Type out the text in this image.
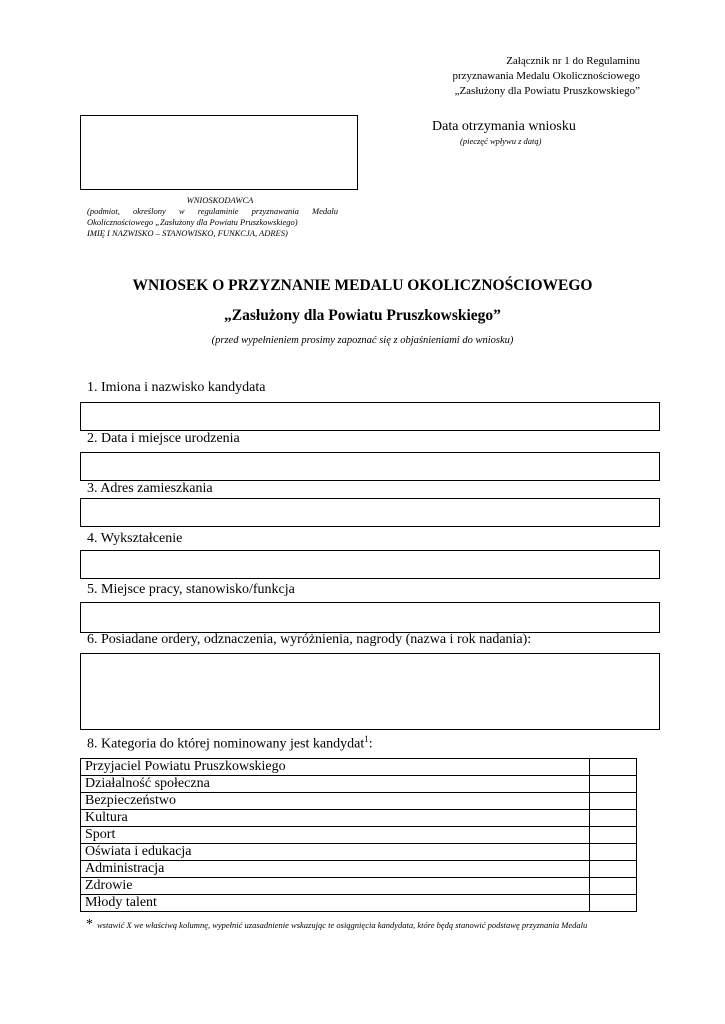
Załącznik nr 1 do Regulaminu
przyznawania Medalu Okolicznościowego
„Zasłużony dla Powiatu Pruszkowskiego”
Data otrzymania wniosku
(pieczęć wpływu z datą)
WNIOSKODAWCA
(podmiot, określony w regulaminie przyznawania Medalu
Okolicznościowego „Zasłużony dla Powiatu Pruszkowskiego)
IMIĘ I NAZWISKO – STANOWISKO, FUNKCJA, ADRES)
WNIOSEK O PRZYZNANIE MEDALU OKOLICZNOŚCIOWEGO
„Zasłużony dla Powiatu Pruszkowskiego”
(przed wypełnieniem prosimy zapoznać się z objaśnieniami do wniosku)
1. Imiona i nazwisko kandydata
2. Data i miejsce urodzenia
3. Adres zamieszkania
4. Wykształcenie
5. Miejsce pracy, stanowisko/funkcja
6. Posiadane ordery, odznaczenia, wyróżnienia, nagrody (nazwa i rok nadania):
8. Kategoria do której nominowany jest kandydat$^1$:
Przyjaciel Powiatu Pruszkowskiego	
Działalność społeczna	
Bezpieczeństwo	
Kultura	
Sport	
Oświata i edukacja	
Administracja	
Zdrowie	
Młody talent	
* wstawić X we właściwą kolumnę, wypełnić uzasadnienie wskazując te osiągnięcia kandydata, które będą stanowić podstawę przyznania Medalu
